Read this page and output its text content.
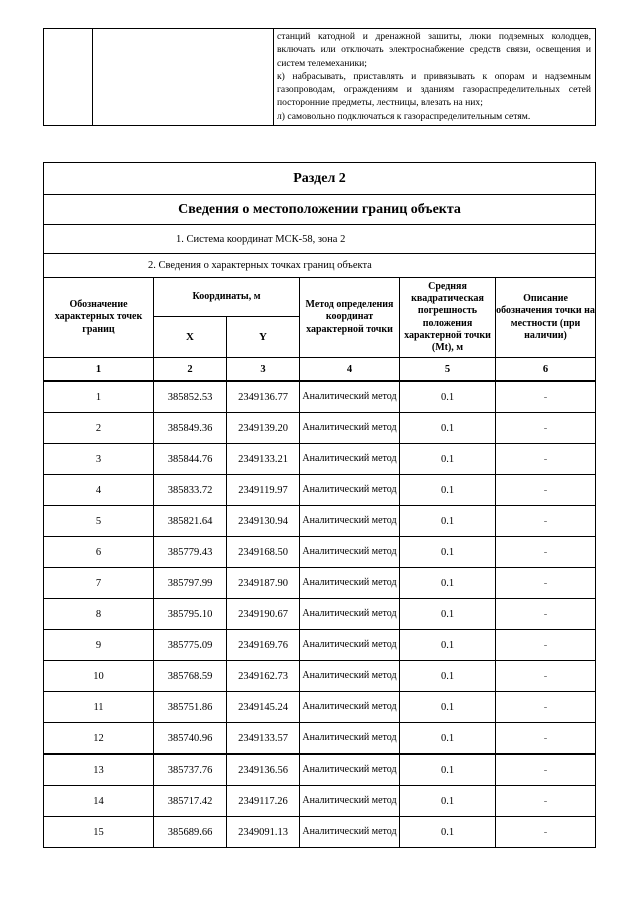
станций катодной и дренажной зашиты, люки подземных колодцев, включать или отключать электроснабжение средств связи, освещения и систем телемеханики;

к) набрасывать, приставлять и привязывать к опорам и надземным газопроводам, ограждениям и зданиям газораспределительных сетей посторонние предметы, лестницы, влезать на них;

л) самовольно подключаться к газораспределительным сетям.

Раздел 2					
Сведения о местоположении границ объекта					
1. Система координат МСК-58, зона 2					
2. Сведения о характерных точках границ объекта					
Обозначение характерных точек границ	Координаты, м		Метод определения координат характерной точки	Средняя квадратическая погрешность положения характерной точки (Mt), м	Описание обозначения точки на местности (при наличии)
	X	Y			
1	2	3	4	5	6
1	385852.53	2349136.77	Аналитический метод	0.1	-
2	385849.36	2349139.20	Аналитический метод	0.1	-
3	385844.76	2349133.21	Аналитический метод	0.1	-
4	385833.72	2349119.97	Аналитический метод	0.1	-
5	385821.64	2349130.94	Аналитический метод	0.1	-
6	385779.43	2349168.50	Аналитический метод	0.1	-
7	385797.99	2349187.90	Аналитический метод	0.1	-
8	385795.10	2349190.67	Аналитический метод	0.1	-
9	385775.09	2349169.76	Аналитический метод	0.1	-
10	385768.59	2349162.73	Аналитический метод	0.1	-
11	385751.86	2349145.24	Аналитический метод	0.1	-
12	385740.96	2349133.57	Аналитический метод	0.1	-
13	385737.76	2349136.56	Аналитический метод	0.1	-
14	385717.42	2349117.26	Аналитический метод	0.1	-
15	385689.66	2349091.13	Аналитический метод	0.1	-
